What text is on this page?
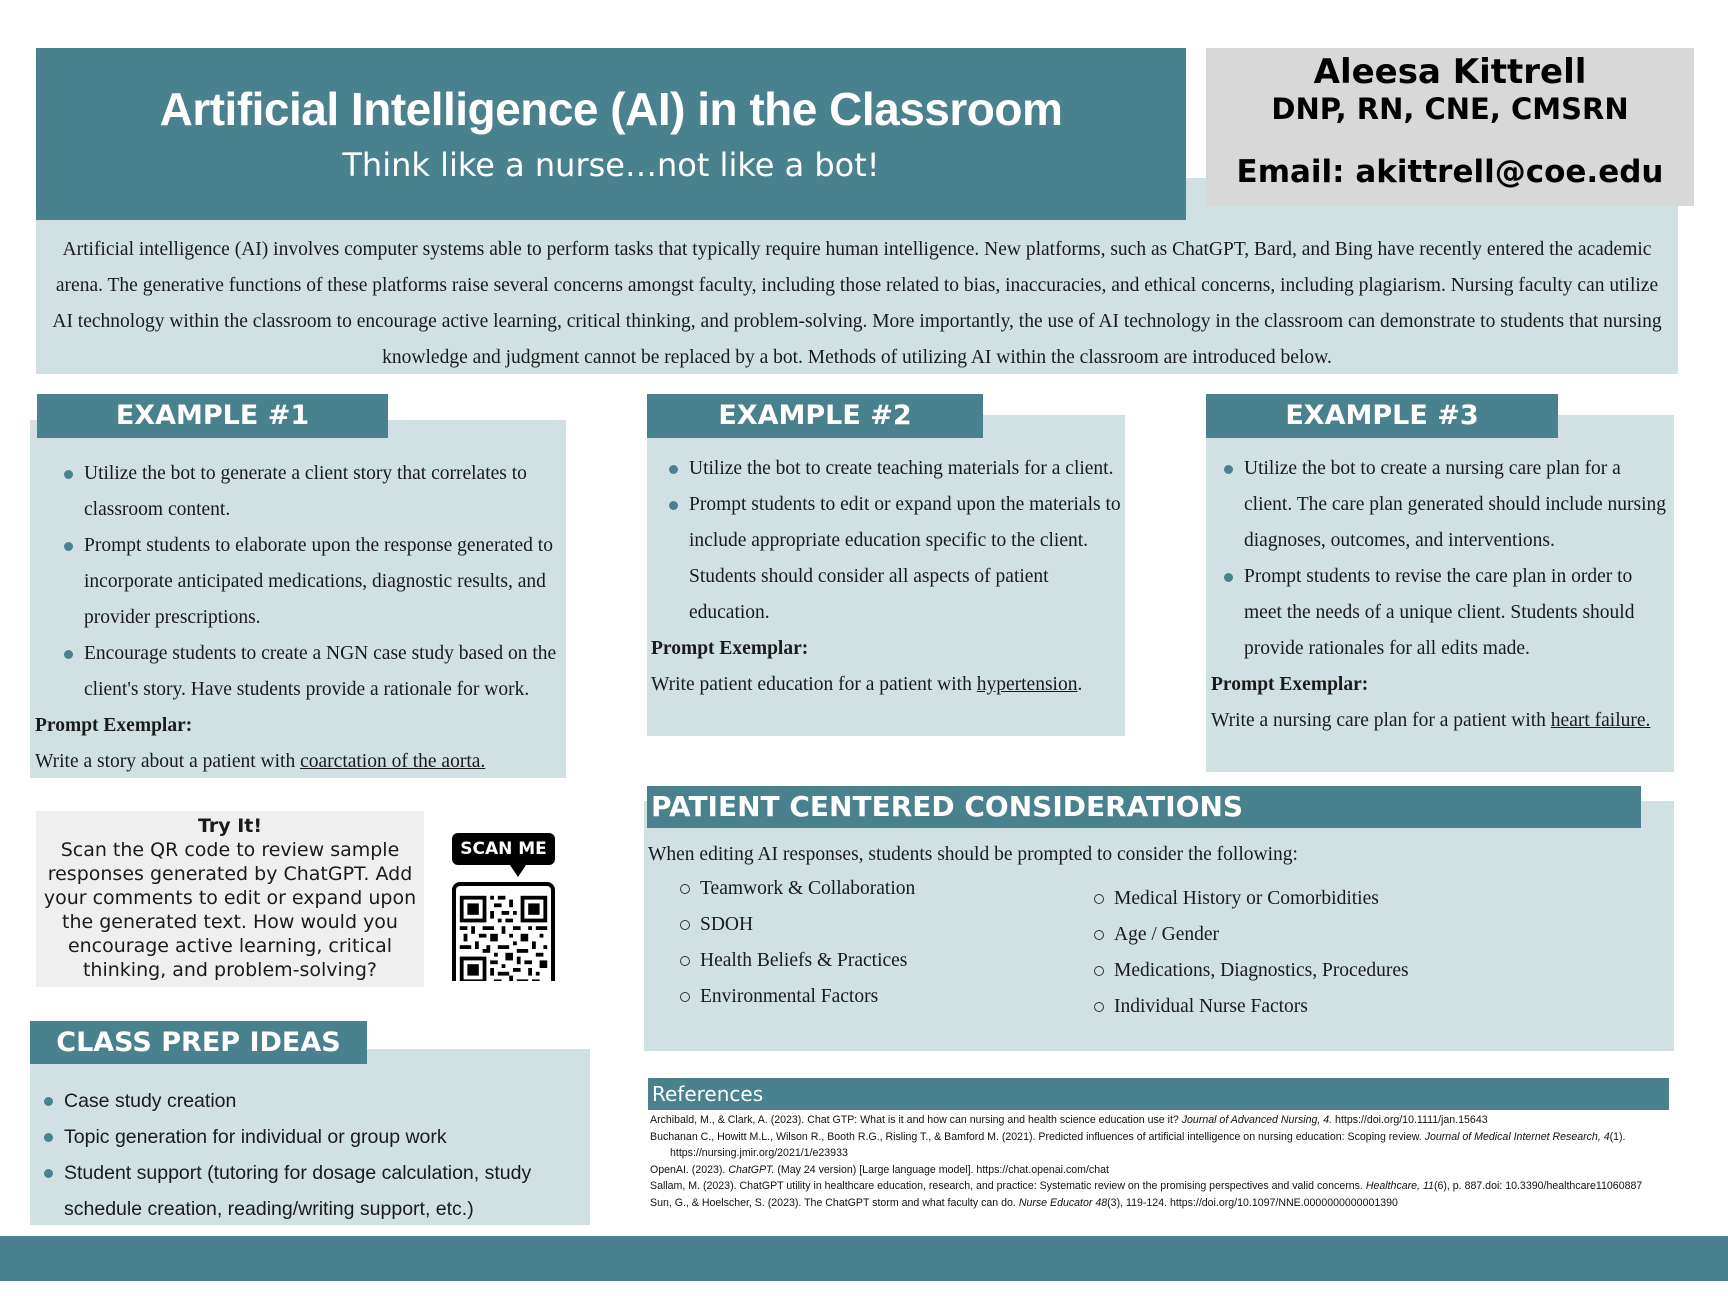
Artificial intelligence (AI) involves computer systems able to perform tasks that typically require human intelligence. New platforms, such as ChatGPT, Bard, and Bing have recently entered the academic arena. The generative functions of these platforms raise several concerns amongst faculty, including those related to bias, inaccuracies, and ethical concerns, including plagiarism. Nursing faculty can utilize AI technology within the classroom to encourage active learning, critical thinking, and problem-solving. More importantly, the use of AI technology in the classroom can demonstrate to students that nursing knowledge and judgment cannot be replaced by a bot. Methods of utilizing AI within the classroom are introduced below.

Artificial Intelligence (AI) in the Classroom
Think like a nurse…not like a bot!
Aleesa Kittrell
DNP, RN, CNE, CMSRN
Email: akittrell@coe.edu
Utilize the bot to generate a client story that correlates to classroom content.
Prompt students to elaborate upon the response generated to incorporate anticipated medications, diagnostic results, and provider prescriptions.
Encourage students to create a NGN case study based on the client's story. Have students provide a rationale for work.
Prompt Exemplar:
Write a story about a patient with coarctation of the aorta.
EXAMPLE #1
Utilize the bot to create teaching materials for a client.
Prompt students to edit or expand upon the materials to include appropriate education specific to the client. Students should consider all aspects of patient education.
Prompt Exemplar:
Write patient education for a patient with hypertension.
EXAMPLE #2
Utilize the bot to create a nursing care plan for a client. The care plan generated should include nursing diagnoses, outcomes, and interventions.
Prompt students to revise the care plan in order to meet the needs of a unique client. Students should provide rationales for all edits made.
Prompt Exemplar:
Write a nursing care plan for a patient with heart failure.
EXAMPLE #3
Try It!
Scan the QR code to review sample responses generated by ChatGPT. Add your comments to edit or expand upon the generated text. How would you encourage active learning, critical thinking, and problem-solving?
SCAN ME	When editing AI responses, students should be prompted to consider the following:
Teamwork & Collaboration
SDOH
Health Beliefs & Practices
Environmental Factors
Medical History or Comorbidities
Age / Gender
Medications, Diagnostics, Procedures
Individual Nurse Factors
PATIENT CENTERED CONSIDERATIONS
Case study creation
Topic generation for individual or group work
Student support (tutoring for dosage calculation, study schedule creation, reading/writing support, etc.)
CLASS PREP IDEAS
References

Archibald, M., & Clark, A. (2023). Chat GTP: What is it and how can nursing and health science education use it? Journal of Advanced Nursing, 4. https://doi.org/10.1111/jan.15643

Buchanan C., Howitt M.L., Wilson R., Booth R.G., Risling T., & Bamford M. (2021). Predicted influences of artificial intelligence on nursing education: Scoping review. Journal of Medical Internet Research, 4(1). https://nursing.jmir.org/2021/1/e23933

OpenAI. (2023). ChatGPT. (May 24 version) [Large language model]. https://chat.openai.com/chat

Sallam, M. (2023). ChatGPT utility in healthcare education, research, and practice: Systematic review on the promising perspectives and valid concerns. Healthcare, 11(6), p. 887.doi: 10.3390/healthcare11060887

Sun, G., & Hoelscher, S. (2023). The ChatGPT storm and what faculty can do. Nurse Educator 48(3), 119-124. https://doi.org/10.1097/NNE.0000000000001390
